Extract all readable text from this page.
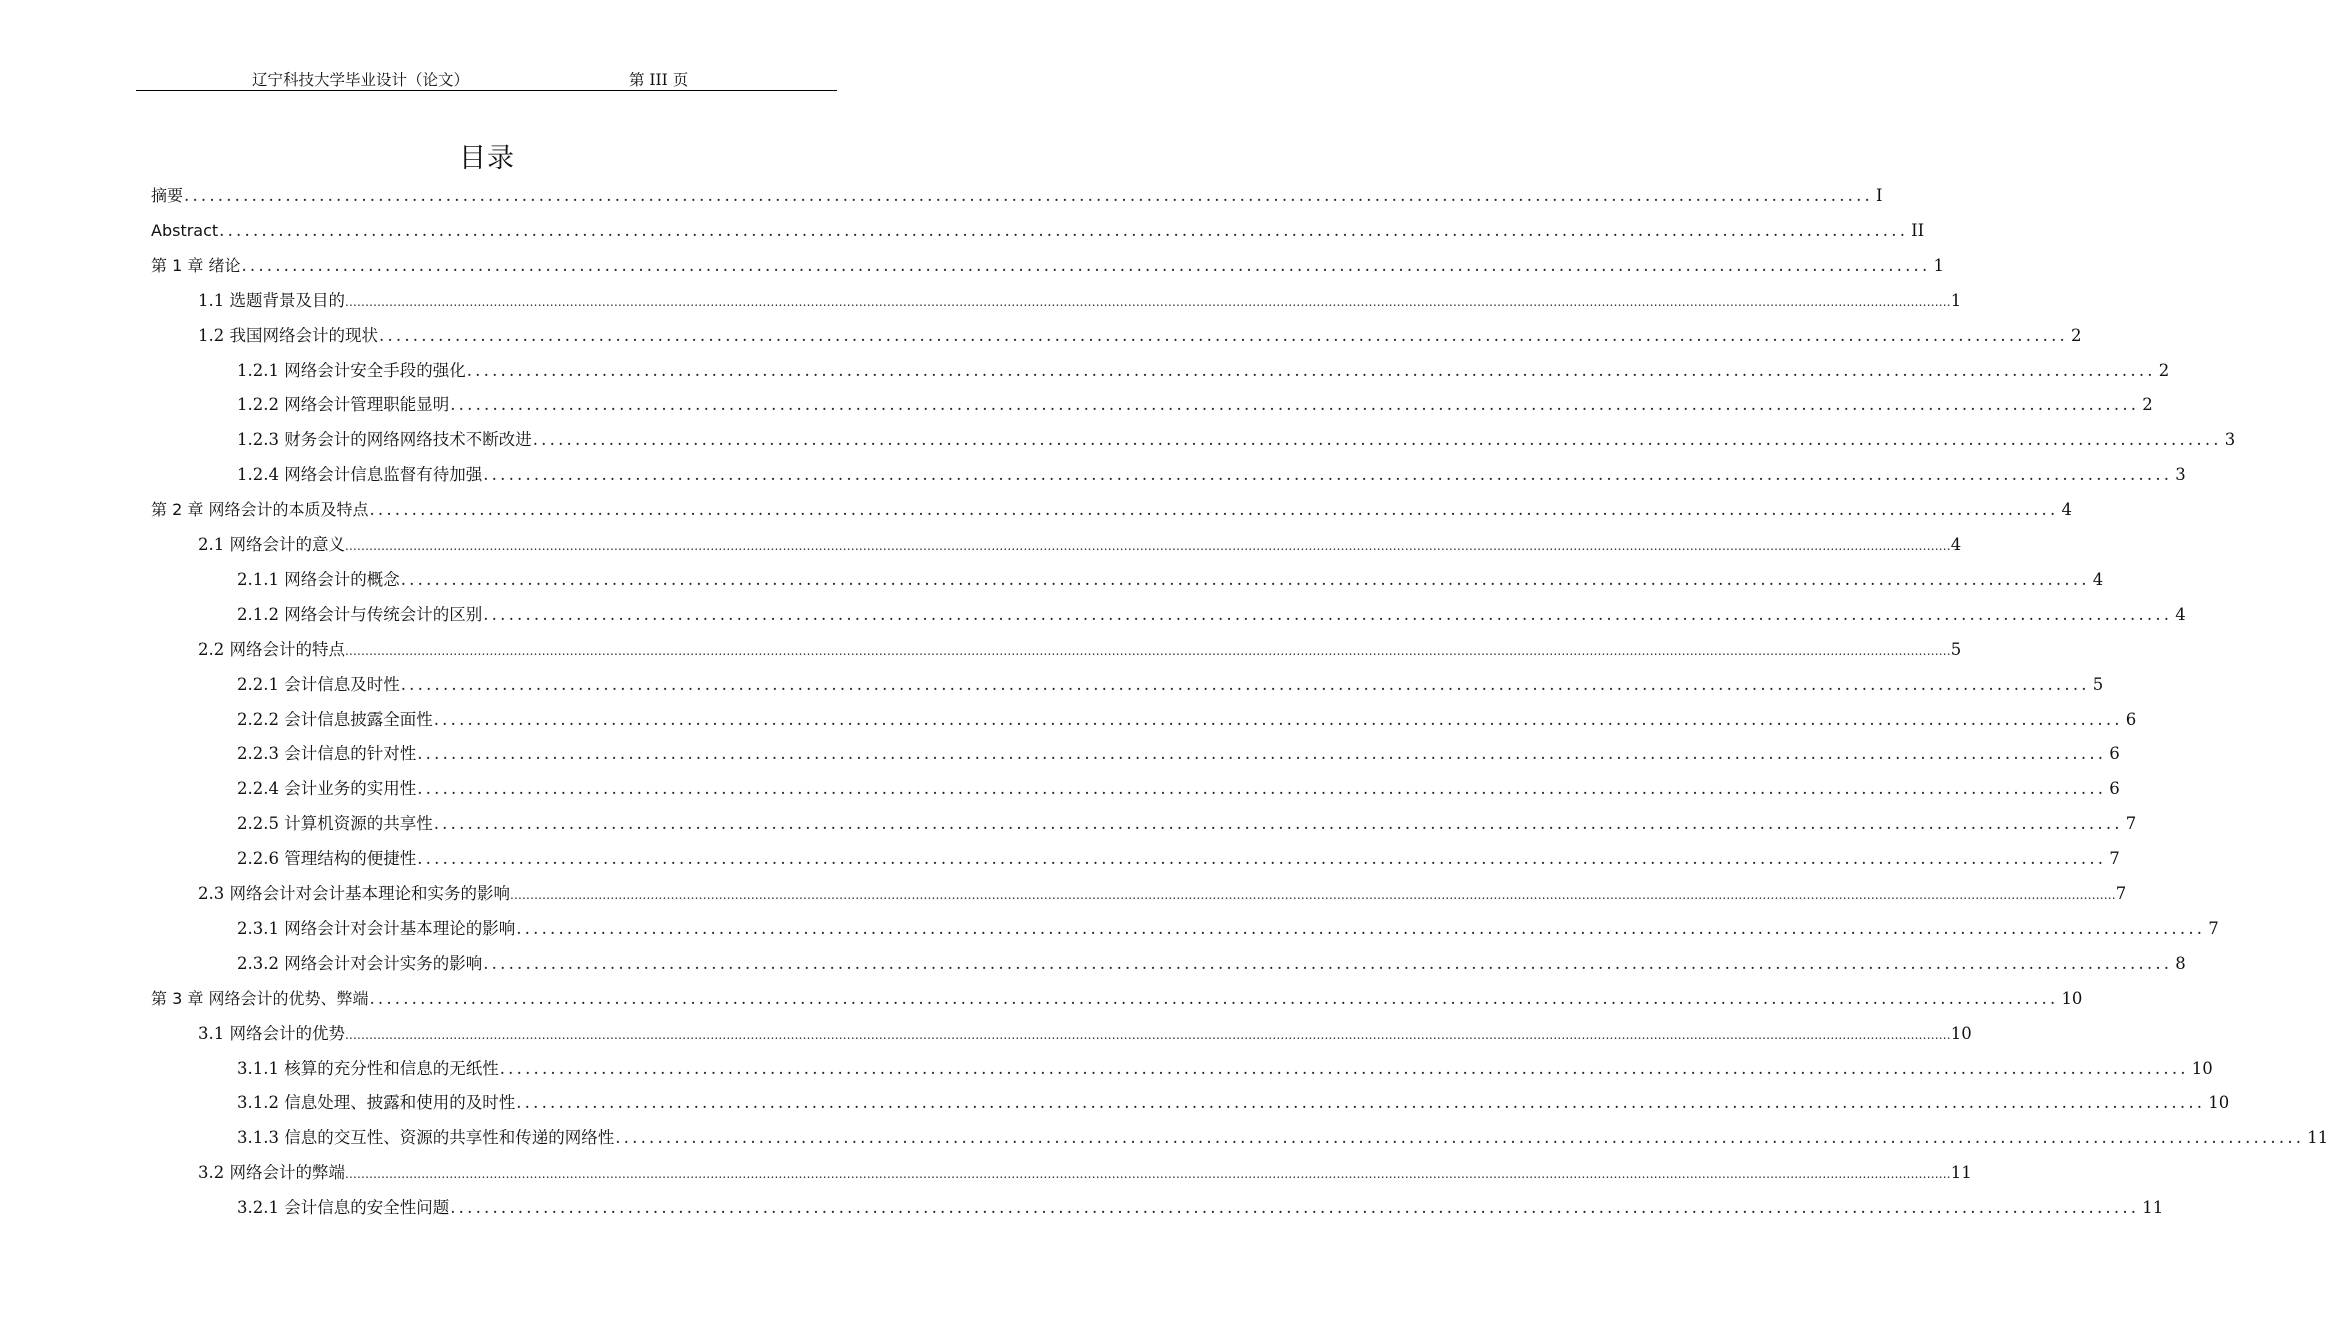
辽宁科技大学毕业设计（论文）	第 III 页
目录
摘要 ........................................................................................................................................................................................................ I
Abstract ........................................................................................................................................................................................................ II
第 1 章 绪论 ........................................................................................................................................................................................................ 1
1.1 选题背景及目的 ................................................................................................................................................................................................................................................................................................................................................................................................................ 1
1.2 我国网络会计的现状 ........................................................................................................................................................................................................ 2
1.2.1 网络会计安全手段的强化 ........................................................................................................................................................................................................ 2
1.2.2 网络会计管理职能显明 ........................................................................................................................................................................................................ 2
1.2.3 财务会计的网络网络技术不断改进 ........................................................................................................................................................................................................ 3
1.2.4 网络会计信息监督有待加强 ........................................................................................................................................................................................................ 3
第 2 章 网络会计的本质及特点 ........................................................................................................................................................................................................ 4
2.1 网络会计的意义 ................................................................................................................................................................................................................................................................................................................................................................................................................ 4
2.1.1 网络会计的概念 ........................................................................................................................................................................................................ 4
2.1.2 网络会计与传统会计的区别 ........................................................................................................................................................................................................ 4
2.2 网络会计的特点 ................................................................................................................................................................................................................................................................................................................................................................................................................ 5
2.2.1 会计信息及时性 ........................................................................................................................................................................................................ 5
2.2.2 会计信息披露全面性 ........................................................................................................................................................................................................ 6
2.2.3 会计信息的针对性 ........................................................................................................................................................................................................ 6
2.2.4 会计业务的实用性 ........................................................................................................................................................................................................ 6
2.2.5 计算机资源的共享性 ........................................................................................................................................................................................................ 7
2.2.6 管理结构的便捷性 ........................................................................................................................................................................................................ 7
2.3 网络会计对会计基本理论和实务的影响 ................................................................................................................................................................................................................................................................................................................................................................................................................ 7
2.3.1 网络会计对会计基本理论的影响 ........................................................................................................................................................................................................ 7
2.3.2 网络会计对会计实务的影响 ........................................................................................................................................................................................................ 8
第 3 章 网络会计的优势、弊端 ........................................................................................................................................................................................................ 10
3.1 网络会计的优势 ................................................................................................................................................................................................................................................................................................................................................................................................................ 10
3.1.1 核算的充分性和信息的无纸性 ........................................................................................................................................................................................................ 10
3.1.2 信息处理、披露和使用的及时性 ........................................................................................................................................................................................................ 10
3.1.3 信息的交互性、资源的共享性和传递的网络性 ........................................................................................................................................................................................................ 11
3.2 网络会计的弊端 ................................................................................................................................................................................................................................................................................................................................................................................................................ 11
3.2.1 会计信息的安全性问题 ........................................................................................................................................................................................................ 11
